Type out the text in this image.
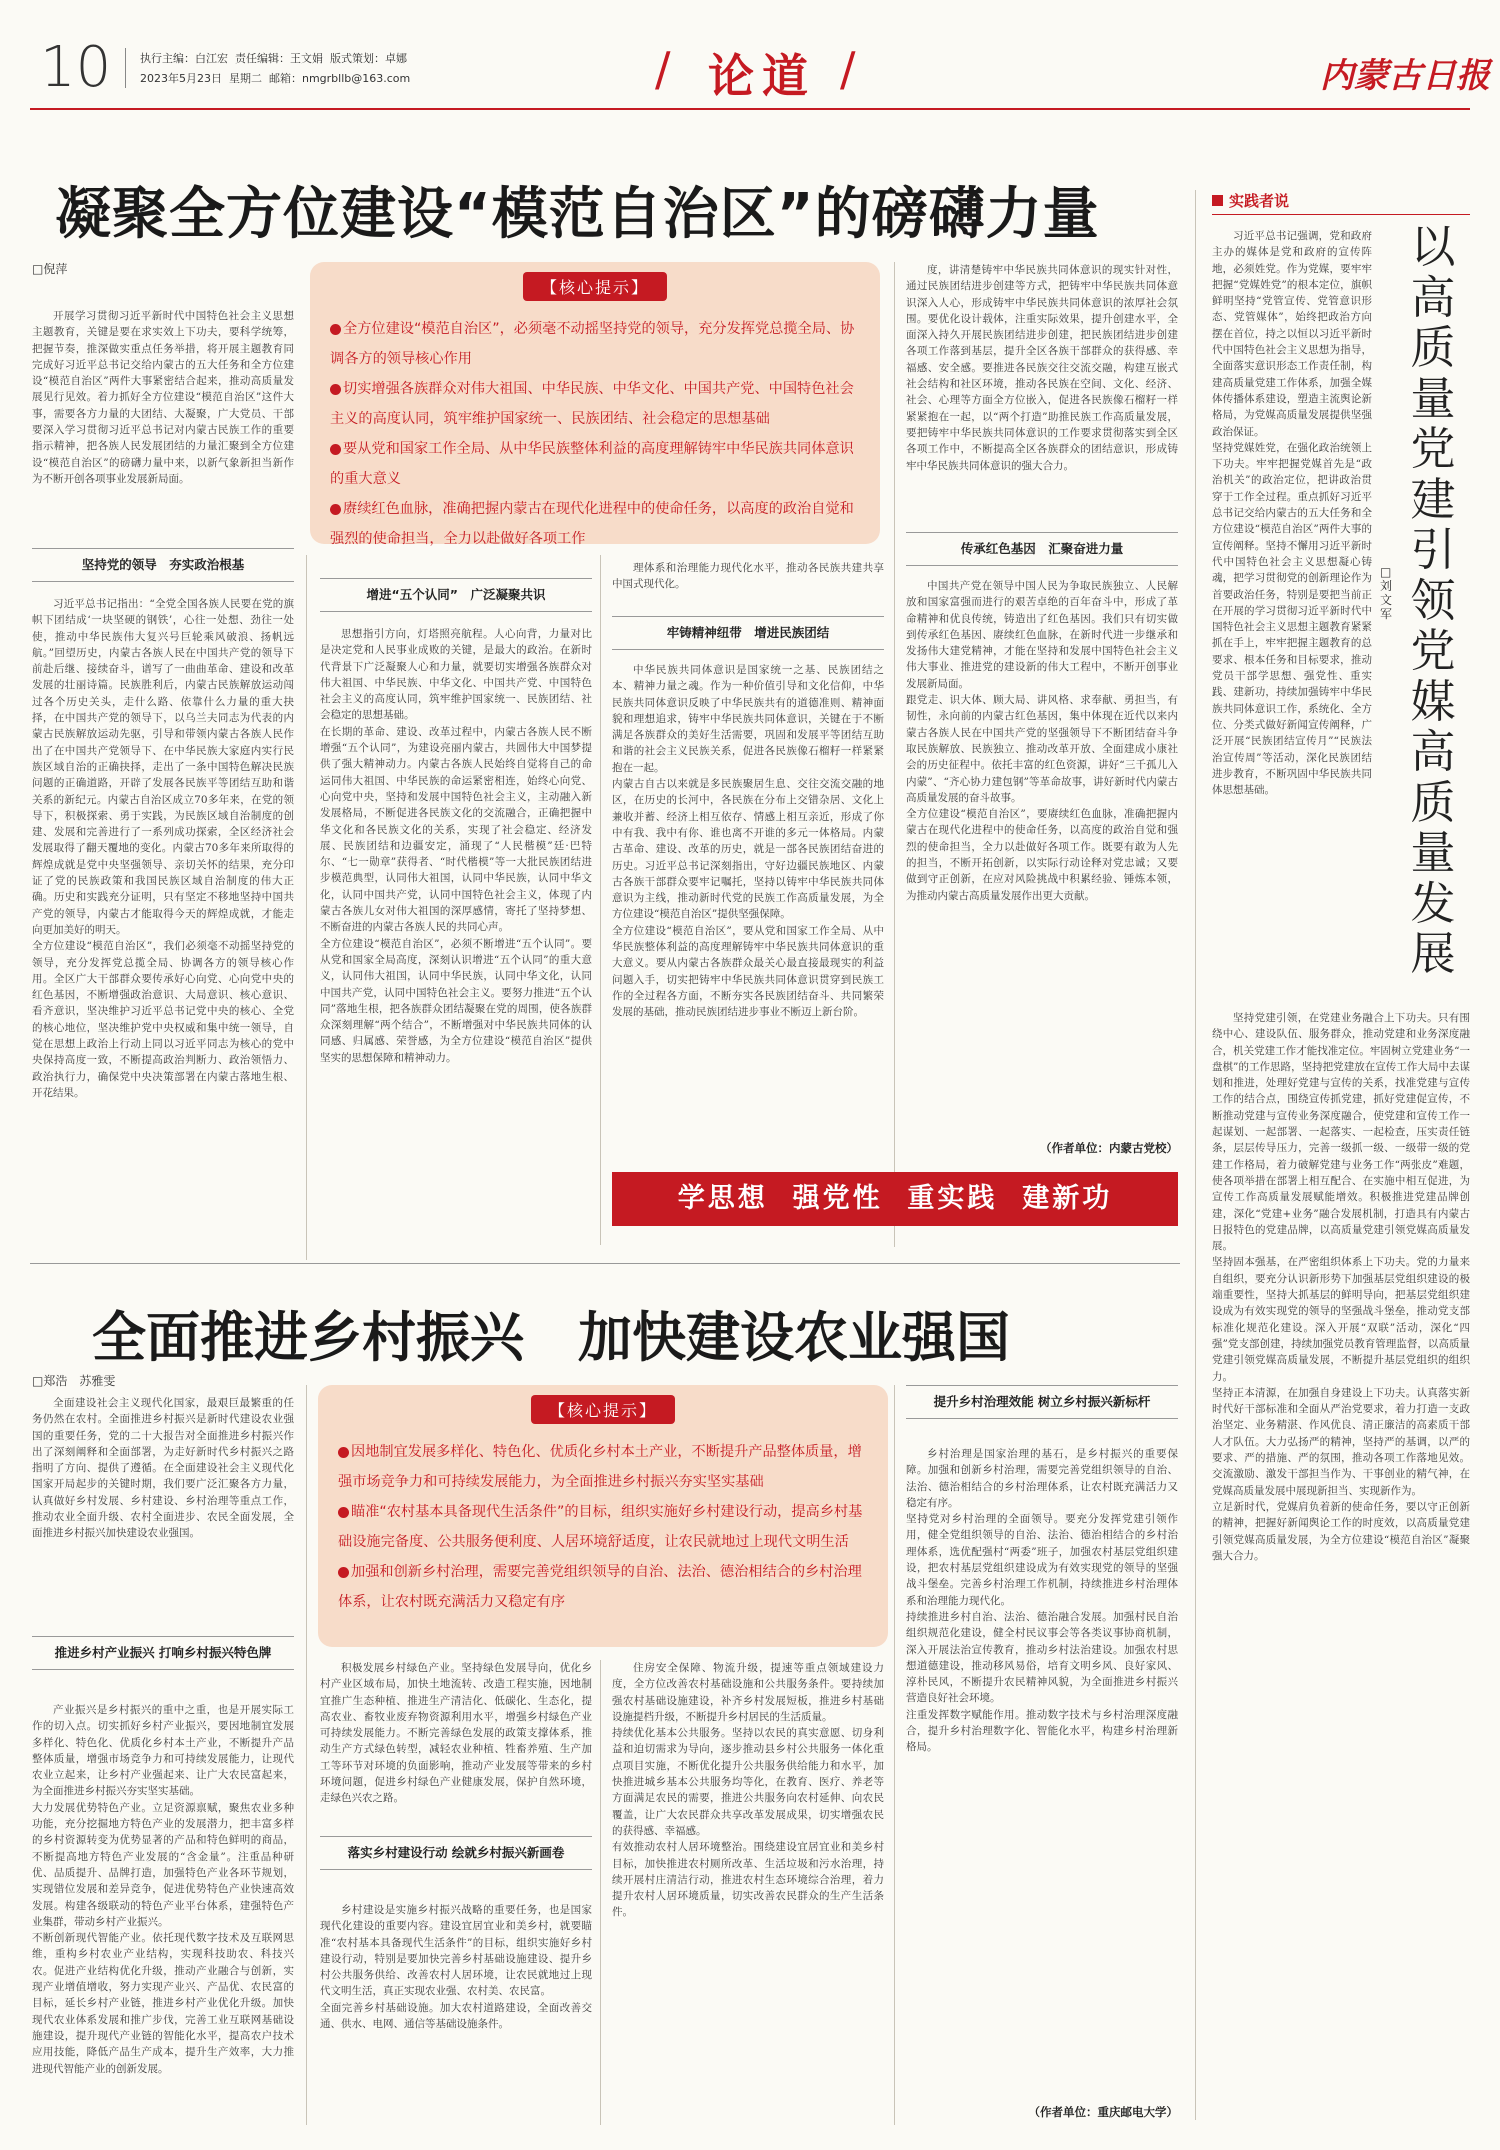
10	执行主编：白江宏  责任编辑：王文娟  版式策划：卓娜
2023年5月23日  星期二  邮箱：nmgrbllb@163.com	/ 论道 /	内蒙古日报
凝聚全方位建设“模范自治区”的磅礴力量
□倪萍
【核心提示】

全方位建设“模范自治区”，必须毫不动摇坚持党的领导，充分发挥党总揽全局、协调各方的领导核心作用

切实增强各族群众对伟大祖国、中华民族、中华文化、中国共产党、中国特色社会主义的高度认同，筑牢维护国家统一、民族团结、社会稳定的思想基础

要从党和国家工作全局、从中华民族整体利益的高度理解铸牢中华民族共同体意识的重大意义

赓续红色血脉，准确把握内蒙古在现代化进程中的使命任务，以高度的政治自觉和强烈的使命担当，全力以赴做好各项工作

开展学习贯彻习近平新时代中国特色社会主义思想主题教育，关键是要在求实效上下功夫，要科学统筹，把握节奏，推深做实重点任务举措，将开展主题教育同完成好习近平总书记交给内蒙古的五大任务和全方位建设“模范自治区”两件大事紧密结合起来，推动高质量发展见行见效。着力抓好全方位建设“模范自治区”这件大事，需要各方力量的大团结、大凝聚，广大党员、干部要深入学习贯彻习近平总书记对内蒙古民族工作的重要指示精神，把各族人民发展团结的力量汇聚到全方位建设“模范自治区”的磅礴力量中来，以新气象新担当新作为不断开创各项事业发展新局面。
坚持党的领导　夯实政治根基
习近平总书记指出：“全党全国各族人民要在党的旗帜下团结成‘一块坚硬的钢铁’，心往一处想、劲往一处使，推动中华民族伟大复兴号巨轮乘风破浪、扬帆远航。”回望历史，内蒙古各族人民在中国共产党的领导下前赴后继、接续奋斗，谱写了一曲曲革命、建设和改革发展的壮丽诗篇。民族胜利后，内蒙古民族解放运动闯过各个历史关头，走什么路、依靠什么力量的重大抉择，在中国共产党的领导下，以乌兰夫同志为代表的内蒙古民族解放运动先驱，引导和带领内蒙古各族人民作出了在中国共产党领导下、在中华民族大家庭内实行民族区域自治的正确抉择，走出了一条中国特色解决民族问题的正确道路，开辟了发展各民族平等团结互助和谐关系的新纪元。内蒙古自治区成立70多年来，在党的领导下，积极探索、勇于实践，为民族区域自治制度的创建、发展和完善进行了一系列成功探索，全区经济社会发展取得了翻天覆地的变化。内蒙古70多年来所取得的辉煌成就是党中央坚强领导、亲切关怀的结果，充分印证了党的民族政策和我国民族区域自治制度的伟大正确。历史和实践充分证明，只有坚定不移地坚持中国共产党的领导，内蒙古才能取得今天的辉煌成就，才能走向更加美好的明天。
全方位建设“模范自治区”，我们必须毫不动摇坚持党的领导，充分发挥党总揽全局、协调各方的领导核心作用。全区广大干部群众要传承好心向党、心向党中央的红色基因，不断增强政治意识、大局意识、核心意识、看齐意识，坚决维护习近平总书记党中央的核心、全党的核心地位，坚决维护党中央权威和集中统一领导，自觉在思想上政治上行动上同以习近平同志为核心的党中央保持高度一致，不断提高政治判断力、政治领悟力、政治执行力，确保党中央决策部署在内蒙古落地生根、开花结果。
增进“五个认同”　广泛凝聚共识
思想指引方向，灯塔照亮航程。人心向背，力量对比是决定党和人民事业成败的关键，是最大的政治。在新时代背景下广泛凝聚人心和力量，就要切实增强各族群众对伟大祖国、中华民族、中华文化、中国共产党、中国特色社会主义的高度认同，筑牢维护国家统一、民族团结、社会稳定的思想基础。
在长期的革命、建设、改革过程中，内蒙古各族人民不断增强“五个认同”，为建设亮丽内蒙古，共圆伟大中国梦提供了强大精神动力。内蒙古各族人民始终自觉将自己的命运同伟大祖国、中华民族的命运紧密相连，始终心向党、心向党中央，坚持和发展中国特色社会主义，主动融入新发展格局，不断促进各民族文化的交流融合，正确把握中华文化和各民族文化的关系，实现了社会稳定、经济发展、民族团结和边疆安定，涌现了“人民楷模”廷·巴特尔、“七一勋章”获得者、“时代楷模”等一大批民族团结进步模范典型，认同伟大祖国，认同中华民族，认同中华文化，认同中国共产党，认同中国特色社会主义，体现了内蒙古各族儿女对伟大祖国的深厚感情，寄托了坚持梦想、不断奋进的内蒙古各族人民的共同心声。
全方位建设“模范自治区”，必须不断增进“五个认同”。要从党和国家全局高度，深刻认识增进“五个认同”的重大意义，认同伟大祖国，认同中华民族，认同中华文化，认同中国共产党，认同中国特色社会主义。要努力推进“五个认同”落地生根，把各族群众团结凝聚在党的周围，使各族群众深刻理解“两个结合”，不断增强对中华民族共同体的认同感、归属感、荣誉感，为全方位建设“模范自治区”提供坚实的思想保障和精神动力。
理体系和治理能力现代化水平，推动各民族共建共享中国式现代化。
牢铸精神纽带　增进民族团结
中华民族共同体意识是国家统一之基、民族团结之本、精神力量之魂。作为一种价值引导和文化信仰，中华民族共同体意识反映了中华民族共有的道德准则、精神面貌和理想追求，铸牢中华民族共同体意识，关键在于不断满足各族群众的美好生活需要，巩固和发展平等团结互助和谐的社会主义民族关系，促进各民族像石榴籽一样紧紧抱在一起。
内蒙古自古以来就是多民族聚居生息、交往交流交融的地区，在历史的长河中，各民族在分布上交错杂居、文化上兼收并蓄、经济上相互依存、情感上相互亲近，形成了你中有我、我中有你、谁也离不开谁的多元一体格局。内蒙古革命、建设、改革的历史，就是一部各民族团结奋进的历史。习近平总书记深刻指出，守好边疆民族地区、内蒙古各族干部群众要牢记嘱托，坚持以铸牢中华民族共同体意识为主线，推动新时代党的民族工作高质量发展，为全方位建设“模范自治区”提供坚强保障。
全方位建设“模范自治区”，要从党和国家工作全局、从中华民族整体利益的高度理解铸牢中华民族共同体意识的重大意义。要从内蒙古各族群众最关心最直接最现实的利益问题入手，切实把铸牢中华民族共同体意识贯穿到民族工作的全过程各方面，不断夯实各民族团结奋斗、共同繁荣发展的基础，推动民族团结进步事业不断迈上新台阶。
度，讲清楚铸牢中华民族共同体意识的现实针对性，通过民族团结进步创建等方式，把铸牢中华民族共同体意识深入人心，形成铸牢中华民族共同体意识的浓厚社会氛围。要优化设计载体，注重实际效果，提升创建水平，全面深入持久开展民族团结进步创建，把民族团结进步创建各项工作落到基层，提升全区各族干部群众的获得感、幸福感、安全感。要推进各民族交往交流交融，构建互嵌式社会结构和社区环境，推动各民族在空间、文化、经济、社会、心理等方面全方位嵌入，促进各民族像石榴籽一样紧紧抱在一起，以“两个打造”助推民族工作高质量发展，要把铸牢中华民族共同体意识的工作要求贯彻落实到全区各项工作中，不断提高全区各族群众的团结意识，形成铸牢中华民族共同体意识的强大合力。
传承红色基因　汇聚奋进力量
中国共产党在领导中国人民为争取民族独立、人民解放和国家富强而进行的艰苦卓绝的百年奋斗中，形成了革命精神和优良传统，铸造出了红色基因。我们只有切实做到传承红色基因、赓续红色血脉，在新时代进一步继承和发扬伟大建党精神，才能在坚持和发展中国特色社会主义伟大事业、推进党的建设新的伟大工程中，不断开创事业发展新局面。
跟党走、识大体、顾大局、讲风格、求奉献、勇担当，有韧性，永向前的内蒙古红色基因，集中体现在近代以来内蒙古各族人民在中国共产党的坚强领导下不断团结奋斗争取民族解放、民族独立、推动改革开放、全面建成小康社会的历史征程中。依托丰富的红色资源，讲好“三千孤儿入内蒙”、“齐心协力建包钢”等革命故事，讲好新时代内蒙古高质量发展的奋斗故事。
全方位建设“模范自治区”，要赓续红色血脉，准确把握内蒙古在现代化进程中的使命任务，以高度的政治自觉和强烈的使命担当，全力以赴做好各项工作。既要有敢为人先的担当，不断开拓创新，以实际行动诠释对党忠诚；又要做到守正创新，在应对风险挑战中积累经验、锤炼本领，为推动内蒙古高质量发展作出更大贡献。
（作者单位：内蒙古党校）
学思想  强党性  重实践  建新功
实践者说
以高质量党建引领党媒高质量发展
□刘文军
习近平总书记强调，党和政府主办的媒体是党和政府的宣传阵地，必须姓党。作为党媒，要牢牢把握“党媒姓党”的根本定位，旗帜鲜明坚持“党管宣传、党管意识形态、党管媒体”，始终把政治方向摆在首位，持之以恒以习近平新时代中国特色社会主义思想为指导，全面落实意识形态工作责任制，构建高质量党建工作体系，加强全媒体传播体系建设，塑造主流舆论新格局，为党媒高质量发展提供坚强政治保证。
坚持党媒姓党，在强化政治统领上下功夫。牢牢把握党媒首先是“政治机关”的政治定位，把讲政治贯穿于工作全过程。重点抓好习近平总书记交给内蒙古的五大任务和全方位建设“模范自治区”两件大事的宣传阐释。坚持不懈用习近平新时代中国特色社会主义思想凝心铸魂，把学习贯彻党的创新理论作为首要政治任务，特别是要把当前正在开展的学习贯彻习近平新时代中国特色社会主义思想主题教育紧紧抓在手上，牢牢把握主题教育的总要求、根本任务和目标要求，推动党员干部学思想、强党性、重实践、建新功，持续加强铸牢中华民族共同体意识工作，系统化、全方位、分类式做好新闻宣传阐释，广泛开展“民族团结宣传月”“民族法治宣传周”等活动，深化民族团结进步教育，不断巩固中华民族共同体思想基础。
坚持党建引领，在党建业务融合上下功夫。只有围绕中心、建设队伍、服务群众，推动党建和业务深度融合，机关党建工作才能找准定位。牢固树立党建业务“一盘棋”的工作思路，坚持把党建放在宣传工作大局中去谋划和推进，处理好党建与宣传的关系，找准党建与宣传工作的结合点，围绕宣传抓党建，抓好党建促宣传，不断推动党建与宣传业务深度融合，使党建和宣传工作一起谋划、一起部署、一起落实、一起检查，压实责任链条，层层传导压力，完善一级抓一级、一级带一级的党建工作格局，着力破解党建与业务工作“两张皮”难题，使各项举措在部署上相互配合、在实施中相互促进，为宣传工作高质量发展赋能增效。积极推进党建品牌创建，深化“党建+业务”融合发展机制，打造具有内蒙古日报特色的党建品牌，以高质量党建引领党媒高质量发展。
坚持固本强基，在严密组织体系上下功夫。党的力量来自组织，要充分认识新形势下加强基层党组织建设的极端重要性，坚持大抓基层的鲜明导向，把基层党组织建设成为有效实现党的领导的坚强战斗堡垒，推动党支部标准化规范化建设。深入开展“双联”活动，深化“四强”党支部创建，持续加强党员教育管理监督，以高质量党建引领党媒高质量发展，不断提升基层党组织的组织力。
坚持正本清源，在加强自身建设上下功夫。认真落实新时代好干部标准和全面从严治党要求，着力打造一支政治坚定、业务精湛、作风优良、清正廉洁的高素质干部人才队伍。大力弘扬严的精神，坚持严的基调，以严的要求、严的措施、严的氛围，推动各项工作落地见效。交流激励、激发干部担当作为、干事创业的精气神，在党媒高质量发展中展现新担当、实现新作为。
立足新时代，党媒肩负着新的使命任务，要以守正创新的精神，把握好新闻舆论工作的时度效，以高质量党建引领党媒高质量发展，为全方位建设“模范自治区”凝聚强大合力。
全面推进乡村振兴　加快建设农业强国
□郑浩　苏雅雯
全面建设社会主义现代化国家，最艰巨最繁重的任务仍然在农村。全面推进乡村振兴是新时代建设农业强国的重要任务，党的二十大报告对全面推进乡村振兴作出了深刻阐释和全面部署，为走好新时代乡村振兴之路指明了方向、提供了遵循。在全面建设社会主义现代化国家开局起步的关键时期，我们要广泛汇聚各方力量，认真做好乡村发展、乡村建设、乡村治理等重点工作，推动农业全面升级、农村全面进步、农民全面发展，全面推进乡村振兴加快建设农业强国。
推进乡村产业振兴 打响乡村振兴特色牌
产业振兴是乡村振兴的重中之重，也是开展实际工作的切入点。切实抓好乡村产业振兴，要因地制宜发展多样化、特色化、优质化乡村本土产业，不断提升产品整体质量，增强市场竞争力和可持续发展能力，让现代农业立起来，让乡村产业强起来、让广大农民富起来，为全面推进乡村振兴夯实坚实基础。
大力发展优势特色产业。立足资源禀赋，聚焦农业多种功能，充分挖掘地方特色产业的发展潜力，把丰富多样的乡村资源转变为优势显著的产品和特色鲜明的商品，不断提高地方特色产业发展的“含金量”。注重品种研优、品质提升、品牌打造，加强特色产业各环节规划，实现错位发展和差异竞争，促进优势特色产业快速高效发展。构建各级联动的特色产业平台体系，建强特色产业集群，带动乡村产业振兴。
不断创新现代智能产业。依托现代数字技术及互联网思维，重构乡村农业产业结构，实现科技助农、科技兴农。促进产业结构优化升级，推动产业融合与创新，实现产业增值增收，努力实现产业兴、产品优、农民富的目标，延长乡村产业链，推进乡村产业优化升级。加快现代农业体系发展和推广步伐，完善工业互联网基础设施建设，提升现代产业链的智能化水平，提高农户技术应用技能，降低产品生产成本，提升生产效率，大力推进现代智能产业的创新发展。
【核心提示】

因地制宜发展多样化、特色化、优质化乡村本土产业，不断提升产品整体质量，增强市场竞争力和可持续发展能力，为全面推进乡村振兴夯实坚实基础

瞄准“农村基本具备现代生活条件”的目标，组织实施好乡村建设行动，提高乡村基础设施完备度、公共服务便利度、人居环境舒适度，让农民就地过上现代文明生活

加强和创新乡村治理，需要完善党组织领导的自治、法治、德治相结合的乡村治理体系，让农村既充满活力又稳定有序

积极发展乡村绿色产业。坚持绿色发展导向，优化乡村产业区域布局，加快土地流转、改造工程实施，因地制宜推广生态种植、推进生产清洁化、低碳化、生态化，提高农业、畜牧业废弃物资源利用水平，增强乡村绿色产业可持续发展能力。不断完善绿色发展的政策支撑体系，推动生产方式绿色转型，减轻农业种植、牲畜养殖、生产加工等环节对环境的负面影响，推动产业发展等带来的乡村环境问题，促进乡村绿色产业健康发展，保护自然环境，走绿色兴农之路。
落实乡村建设行动 绘就乡村振兴新画卷
乡村建设是实施乡村振兴战略的重要任务，也是国家现代化建设的重要内容。建设宜居宜业和美乡村，就要瞄准“农村基本具备现代生活条件”的目标，组织实施好乡村建设行动，特别是要加快完善乡村基础设施建设、提升乡村公共服务供给、改善农村人居环境，让农民就地过上现代文明生活，真正实现农业强、农村美、农民富。
全面完善乡村基础设施。加大农村道路建设，全面改善交通、供水、电网、通信等基础设施条件。
住房安全保障、物流升级，提速等重点领域建设力度，全方位改善农村基础设施和公共服务条件。要持续加强农村基础设施建设，补齐乡村发展短板，推进乡村基础设施提档升级，不断提升乡村居民的生活质量。
持续优化基本公共服务。坚持以农民的真实意愿、切身利益和迫切需求为导向，逐步推动县乡村公共服务一体化重点项目实施，不断优化提升公共服务供给能力和水平，加快推进城乡基本公共服务均等化，在教育、医疗、养老等方面满足农民的需要，推进公共服务向农村延伸、向农民覆盖，让广大农民群众共享改革发展成果，切实增强农民的获得感、幸福感。
有效推动农村人居环境整治。围绕建设宜居宜业和美乡村目标，加快推进农村厕所改革、生活垃圾和污水治理，持续开展村庄清洁行动，推进农村生态环境综合治理，着力提升农村人居环境质量，切实改善农民群众的生产生活条件。
提升乡村治理效能 树立乡村振兴新标杆
乡村治理是国家治理的基石，是乡村振兴的重要保障。加强和创新乡村治理，需要完善党组织领导的自治、法治、德治相结合的乡村治理体系，让农村既充满活力又稳定有序。
坚持党对乡村治理的全面领导。要充分发挥党建引领作用，健全党组织领导的自治、法治、德治相结合的乡村治理体系，选优配强村“两委”班子，加强农村基层党组织建设，把农村基层党组织建设成为有效实现党的领导的坚强战斗堡垒。完善乡村治理工作机制，持续推进乡村治理体系和治理能力现代化。
持续推进乡村自治、法治、德治融合发展。加强村民自治组织规范化建设，健全村民议事会等各类议事协商机制，深入开展法治宣传教育，推动乡村法治建设。加强农村思想道德建设，推动移风易俗，培育文明乡风、良好家风、淳朴民风，不断提升农民精神风貌，为全面推进乡村振兴营造良好社会环境。
注重发挥数字赋能作用。推动数字技术与乡村治理深度融合，提升乡村治理数字化、智能化水平，构建乡村治理新格局。
（作者单位：重庆邮电大学）
